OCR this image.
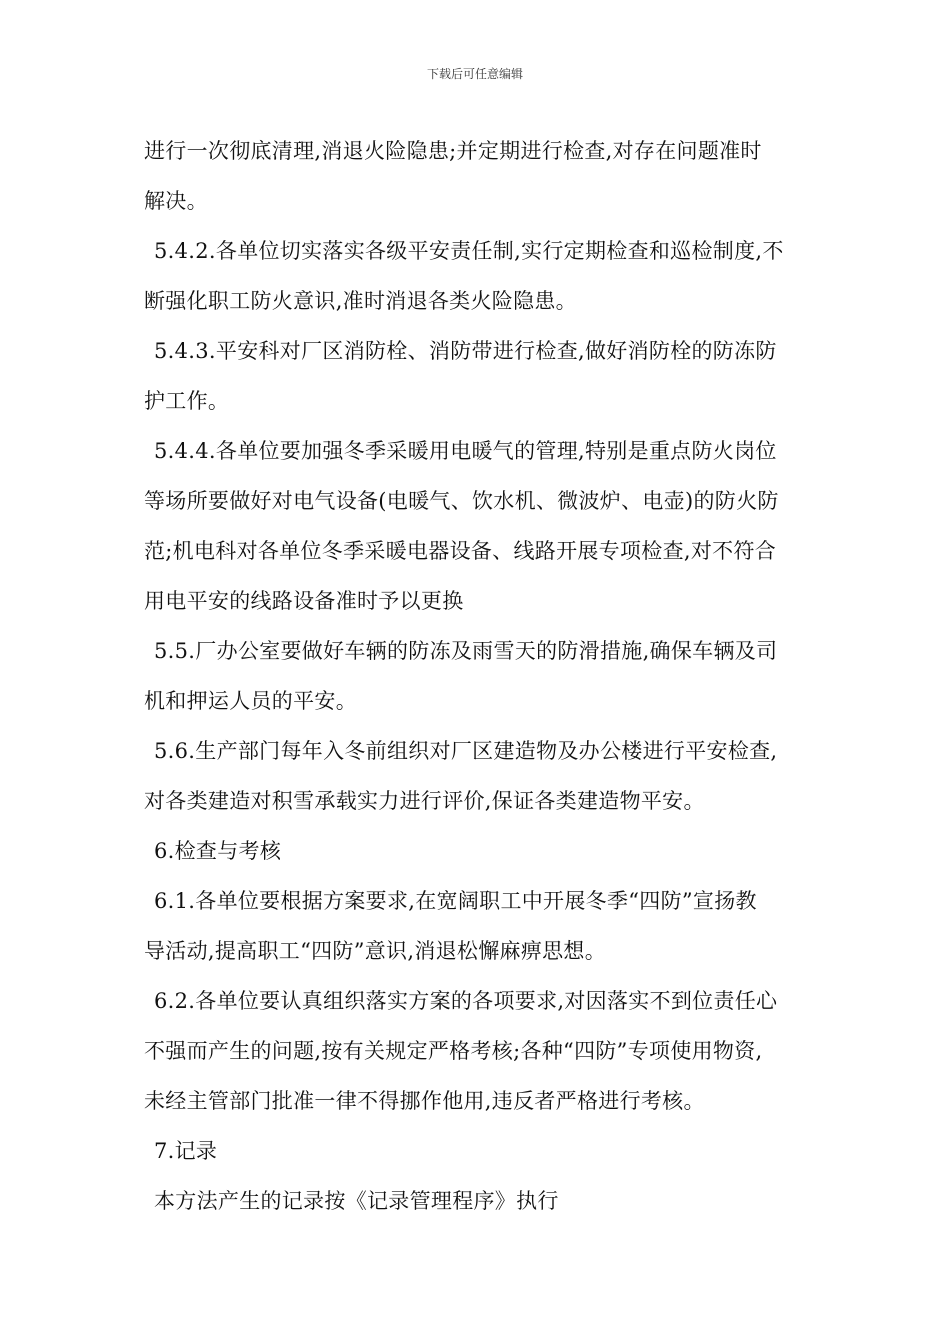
下载后可任意编辑
进行一次彻底清理,消退火险隐患;并定期进行检查,对存在问题准时
解决。
5.4.2.各单位切实落实各级平安责任制,实行定期检查和巡检制度,不
断强化职工防火意识,准时消退各类火险隐患。
5.4.3.平安科对厂区消防栓、消防带进行检查,做好消防栓的防冻防
护工作。
5.4.4.各单位要加强冬季采暖用电暖气的管理,特别是重点防火岗位
等场所要做好对电气设备(电暖气、饮水机、微波炉、电壶)的防火防
范;机电科对各单位冬季采暖电器设备、线路开展专项检查,对不符合
用电平安的线路设备准时予以更换
5.5.厂办公室要做好车辆的防冻及雨雪天的防滑措施,确保车辆及司
机和押运人员的平安。
5.6.生产部门每年入冬前组织对厂区建造物及办公楼进行平安检查,
对各类建造对积雪承载实力进行评价,保证各类建造物平安。
6.检查与考核
6.1.各单位要根据方案要求,在宽阔职工中开展冬季“四防”宣扬教
导活动,提高职工“四防”意识,消退松懈麻痹思想。
6.2.各单位要认真组织落实方案的各项要求,对因落实不到位责任心
不强而产生的问题,按有关规定严格考核;各种“四防”专项使用物资,
未经主管部门批准一律不得挪作他用,违反者严格进行考核。
7.记录
本方法产生的记录按《记录管理程序》执行
